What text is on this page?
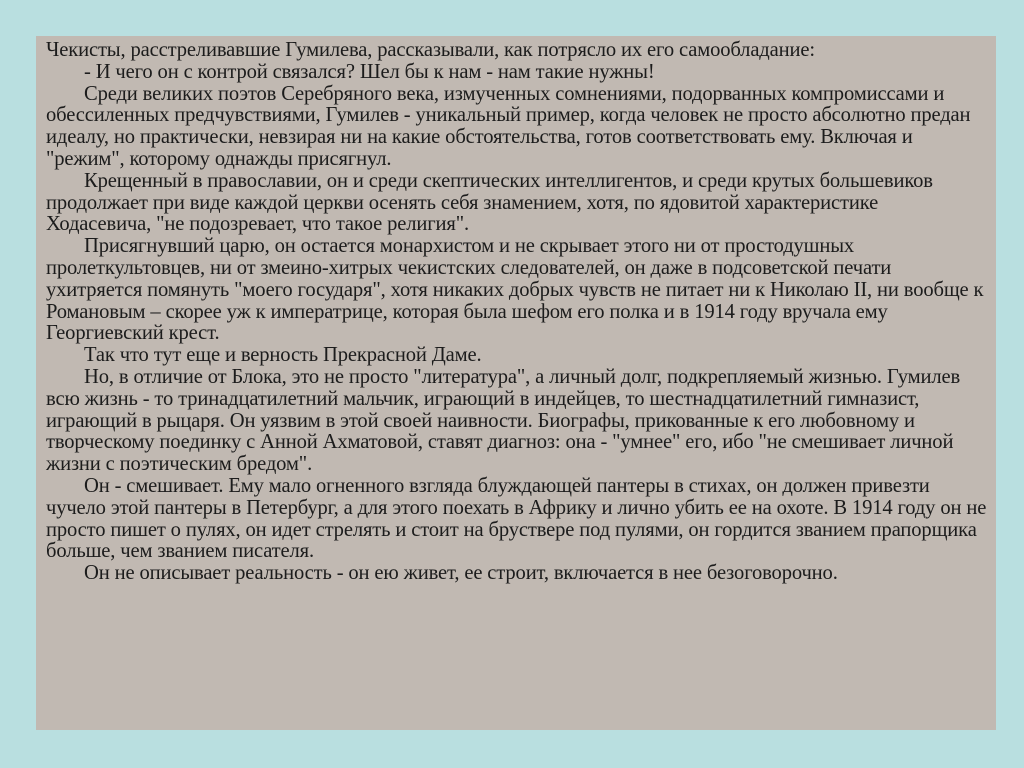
Чекисты, расстреливавшие Гумилева, рассказывали, как потрясло их его самообладание:

- И чего он с контрой связался? Шел бы к нам - нам такие нужны!

Среди великих поэтов Серебряного века, измученных сомнениями, подорванных компромиссами и обессиленных предчувствиями, Гумилев - уникальный пример, когда человек не просто абсолютно предан идеалу, но практически, невзирая ни на какие обстоятельства, готов соответствовать ему. Включая и "режим", которому однажды присягнул.

Крещенный в православии, он и среди скептических интеллигентов, и среди крутых большевиков продолжает при виде каждой церкви осенять себя знамением, хотя, по ядовитой характеристике Ходасевича, "не подозревает, что такое религия".

Присягнувший царю, он остается монархистом и не скрывает этого ни от простодушных пролеткультовцев, ни от змеино-хитрых чекистских следователей, он даже в подсоветской печати ухитряется помянуть "моего государя", хотя никаких добрых чувств не питает ни к Николаю II, ни вообще к Романовым – скорее уж к императрице, которая была шефом его полка и в 1914 году вручала ему Георгиевский крест.

Так что тут еще и верность Прекрасной Даме.

Но, в отличие от Блока, это не просто "литература", а личный долг, подкрепляемый жизнью. Гумилев всю жизнь - то тринадцатилетний мальчик, играющий в индейцев, то шестнадцатилетний гимназист, играющий в рыцаря. Он уязвим в этой своей наивности. Биографы, прикованные к его любовному и творческому поединку с Анной Ахматовой, ставят диагноз: она - "умнее" его, ибо "не смешивает личной жизни с поэтическим бредом".

Он - смешивает. Ему мало огненного взгляда блуждающей пантеры в стихах, он должен привезти чучело этой пантеры в Петербург, а для этого поехать в Африку и лично убить ее на охоте. В 1914 году он не просто пишет о пулях, он идет стрелять и стоит на бруствере под пулями, он гордится званием прапорщика больше, чем званием писателя.

Он не описывает реальность - он ею живет, ее строит, включается в нее безоговорочно.
